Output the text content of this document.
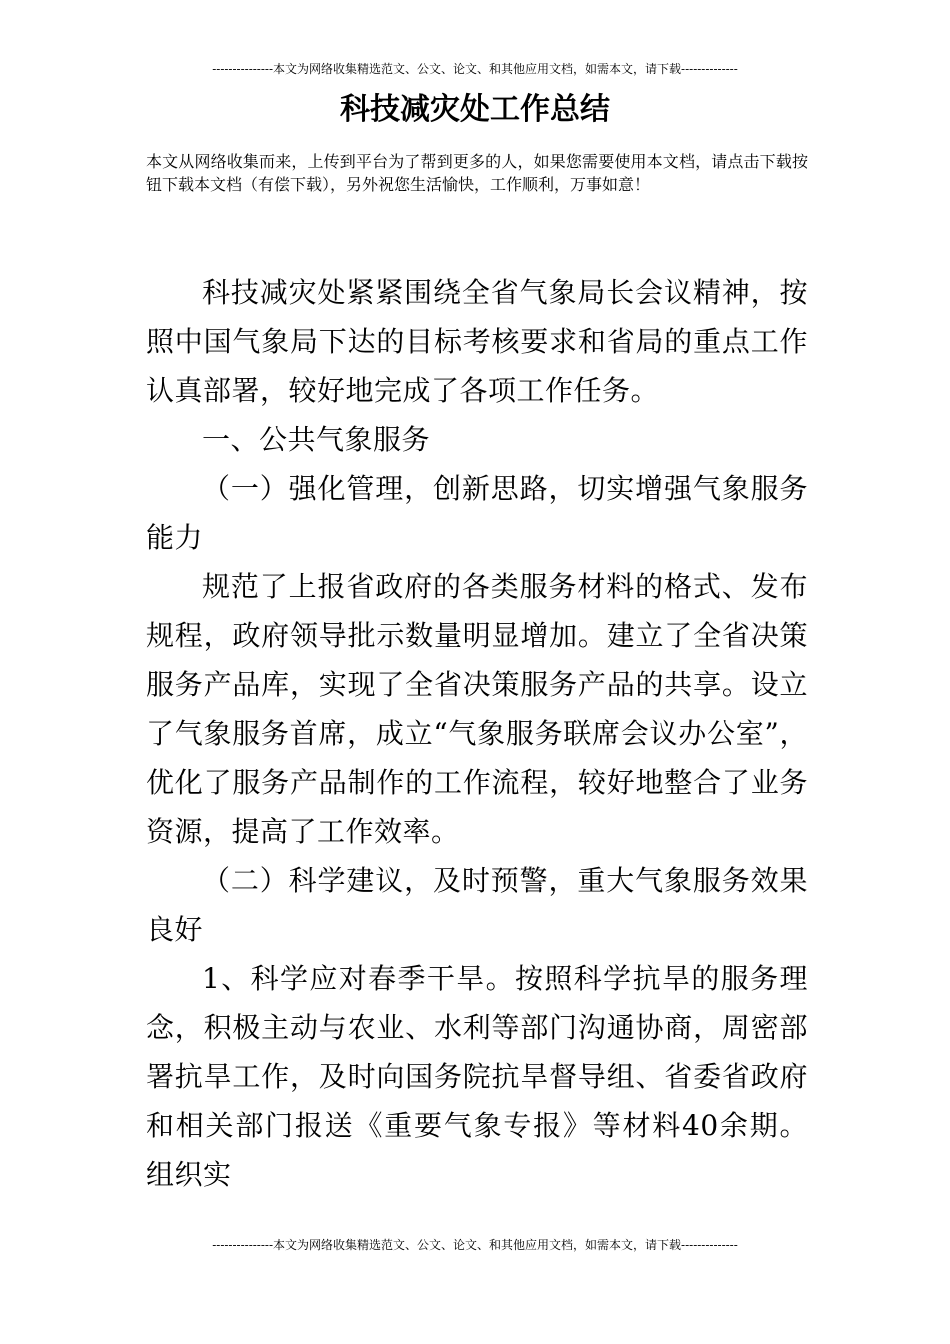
---------------本文为网络收集精选范文、公文、论文、和其他应用文档，如需本文，请下载--------------
科技减灾处工作总结

本文从网络收集而来，上传到平台为了帮到更多的人，如果您需要使用本文档，请点击下载按钮下载本文档（有偿下载），另外祝您生活愉快，工作顺利，万事如意！

科技减灾处紧紧围绕全省气象局长会议精神，按照中国气象局下达的目标考核要求和省局的重点工作认真部署，较好地完成了各项工作任务。

一、公共气象服务

（一）强化管理，创新思路，切实增强气象服务能力

规范了上报省政府的各类服务材料的格式、发布规程，政府领导批示数量明显增加。建立了全省决策服务产品库，实现了全省决策服务产品的共享。设立了气象服务首席，成立“气象服务联席会议办公室”，优化了服务产品制作的工作流程，较好地整合了业务资源，提高了工作效率。

（二）科学建议，及时预警，重大气象服务效果良好

1、科学应对春季干旱。按照科学抗旱的服务理念，积极主动与农业、水利等部门沟通协商，周密部署抗旱工作，及时向国务院抗旱督导组、省委省政府和相关部门报送《重要气象专报》等材料40余期。组织实

---------------本文为网络收集精选范文、公文、论文、和其他应用文档，如需本文，请下载--------------
